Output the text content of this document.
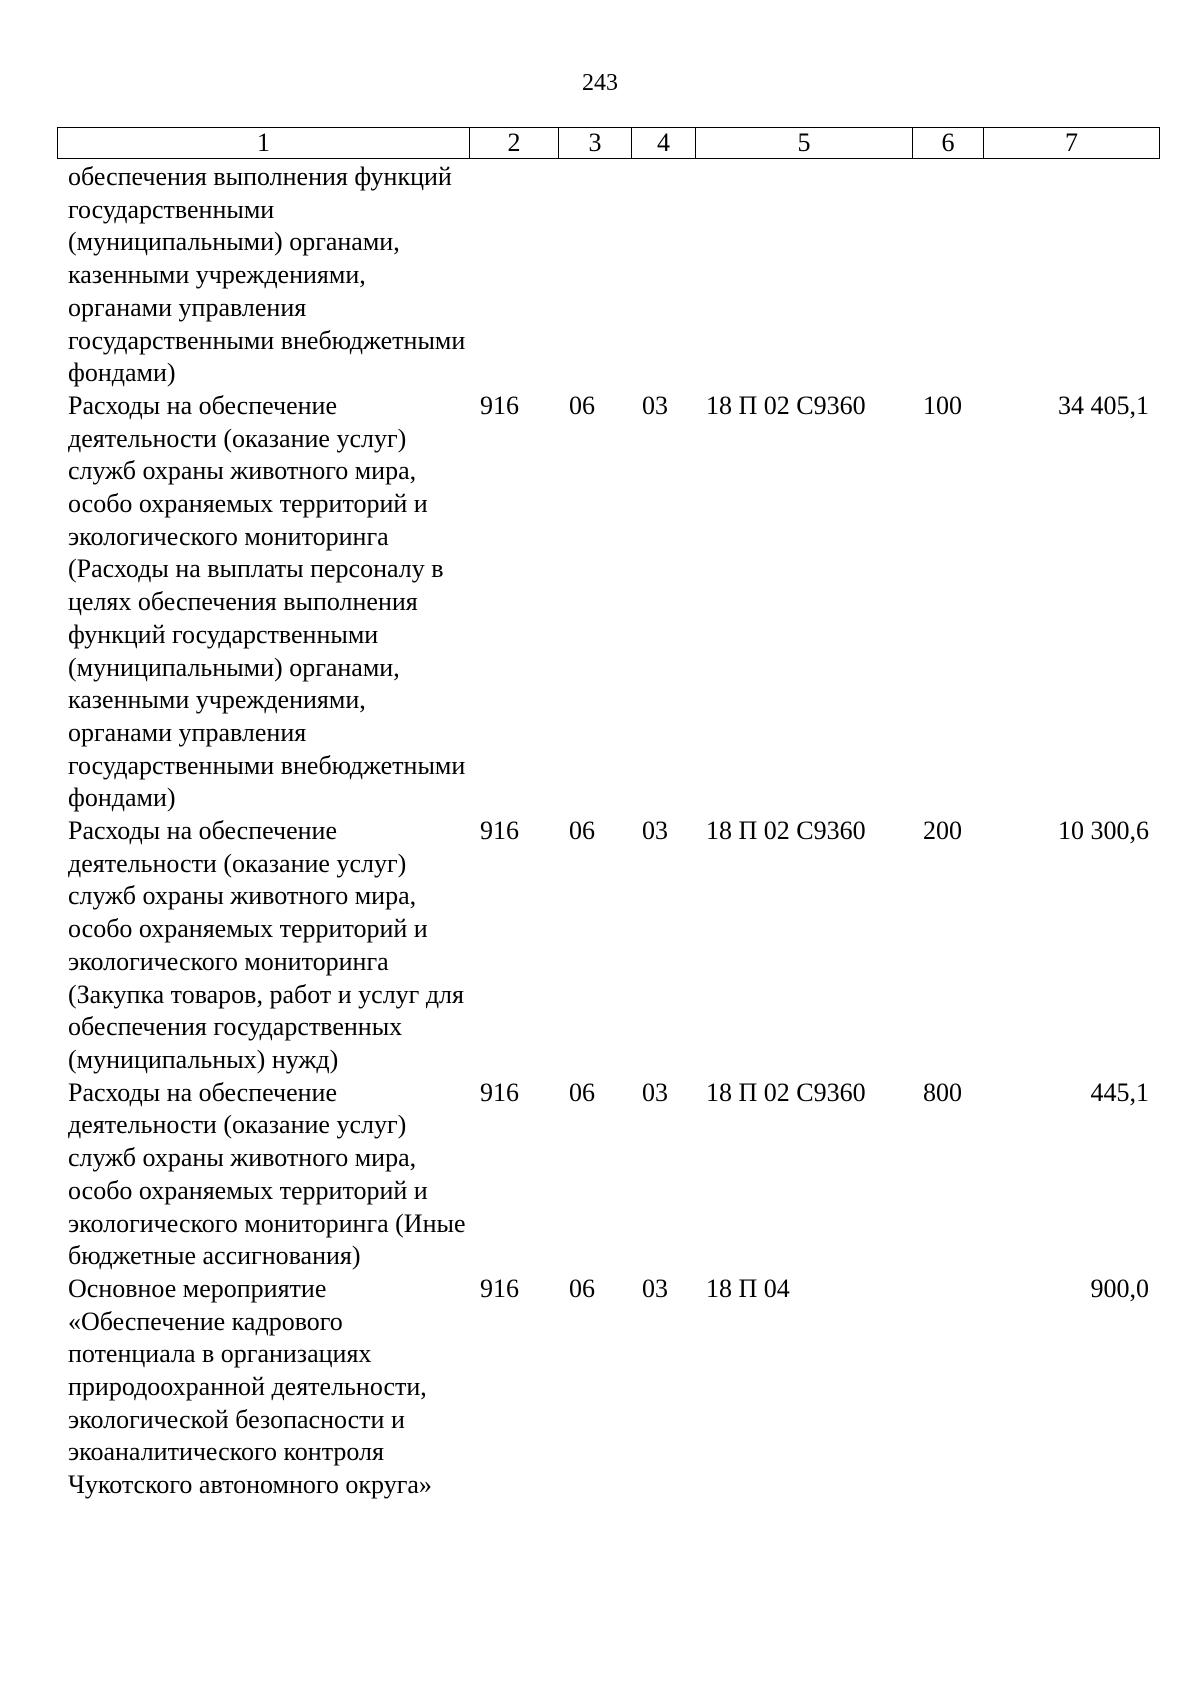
243
1	2	3	4	5	6	7
обеспечения выполнения функций государственными (муниципальными) органами, казенными учреждениями, органами управления государственными внебюджетными фондами)						
Расходы на обеспечение деятельности (оказание услуг) служб охраны животного мира, особо охраняемых территорий и экологического мониторинга (Расходы на выплаты персоналу в целях обеспечения выполнения функций государственными (муниципальными) органами, казенными учреждениями, органами управления государственными внебюджетными фондами)	916	06	03	18 П 02 С9360	100	34 405,1
Расходы на обеспечение деятельности (оказание услуг) служб охраны животного мира, особо охраняемых территорий и экологического мониторинга (Закупка товаров, работ и услуг для обеспечения государственных (муниципальных) нужд)	916	06	03	18 П 02 С9360	200	10 300,6
Расходы на обеспечение деятельности (оказание услуг) служб охраны животного мира, особо охраняемых территорий и экологического мониторинга (Иные бюджетные ассигнования)	916	06	03	18 П 02 С9360	800	445,1
Основное мероприятие «Обеспечение кадрового потенциала в организациях природоохранной деятельности, экологической безопасности и экоаналитического контроля Чукотского автономного округа»	916	06	03	18 П 04		900,0
